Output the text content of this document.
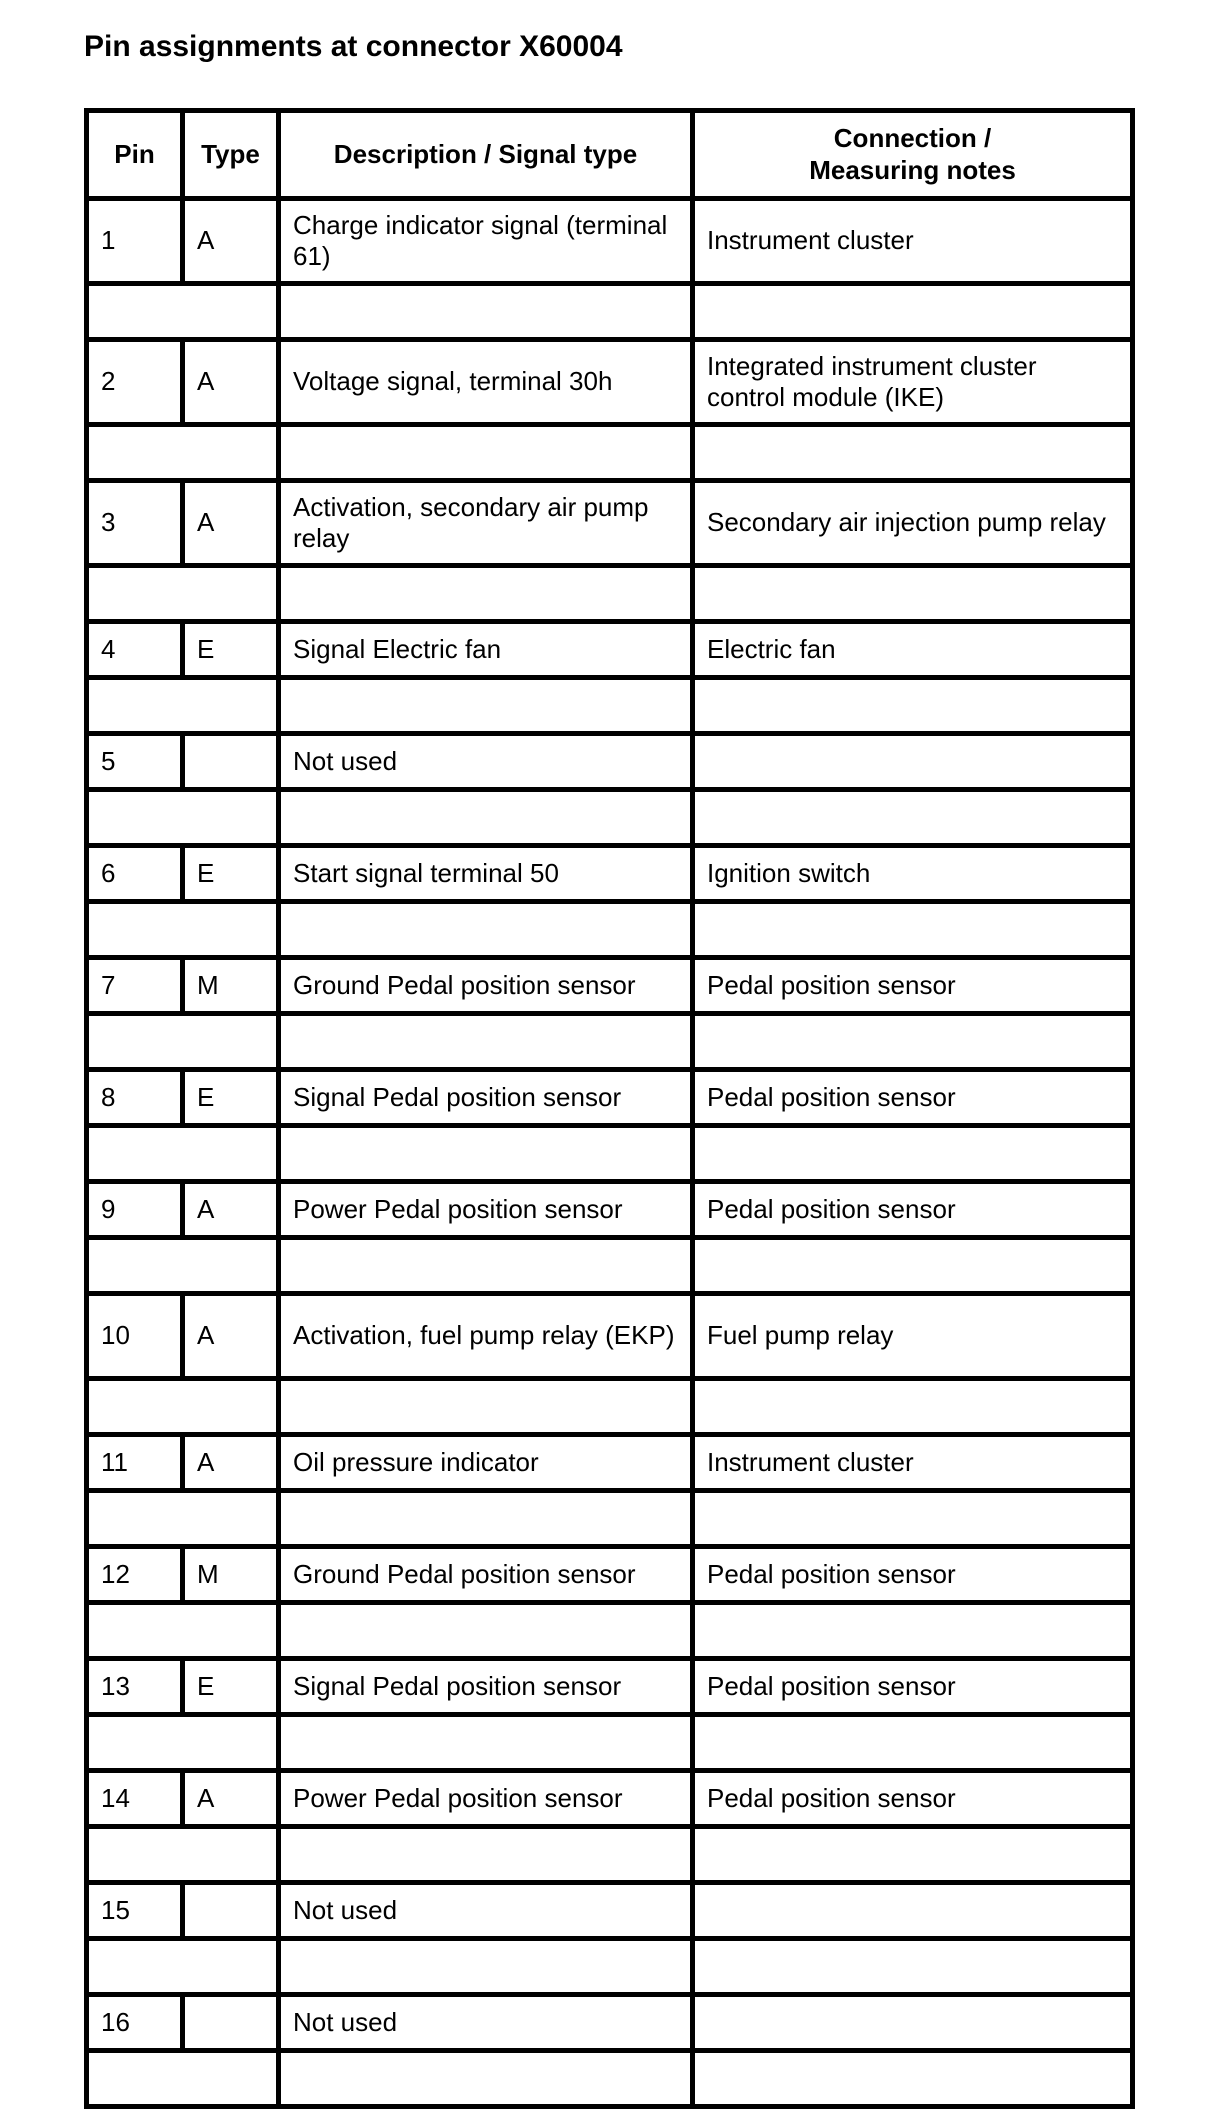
Pin assignments at connector X60004
Pin	Type	Description / Signal type	Connection /
Measuring notes
1	A	Charge indicator signal (terminal 61)	Instrument cluster

2	A	Voltage signal, terminal 30h	Integrated instrument cluster control module (IKE)

3	A	Activation, secondary air pump relay	Secondary air injection pump relay

4	E	Signal Electric fan	Electric fan

5		Not used	

6	E	Start signal terminal 50	Ignition switch

7	M	Ground Pedal position sensor	Pedal position sensor

8	E	Signal Pedal position sensor	Pedal position sensor

9	A	Power Pedal position sensor	Pedal position sensor

10	A	Activation, fuel pump relay (EKP)	Fuel pump relay

11	A	Oil pressure indicator	Instrument cluster

12	M	Ground Pedal position sensor	Pedal position sensor

13	E	Signal Pedal position sensor	Pedal position sensor

14	A	Power Pedal position sensor	Pedal position sensor

15		Not used	

16		Not used	
